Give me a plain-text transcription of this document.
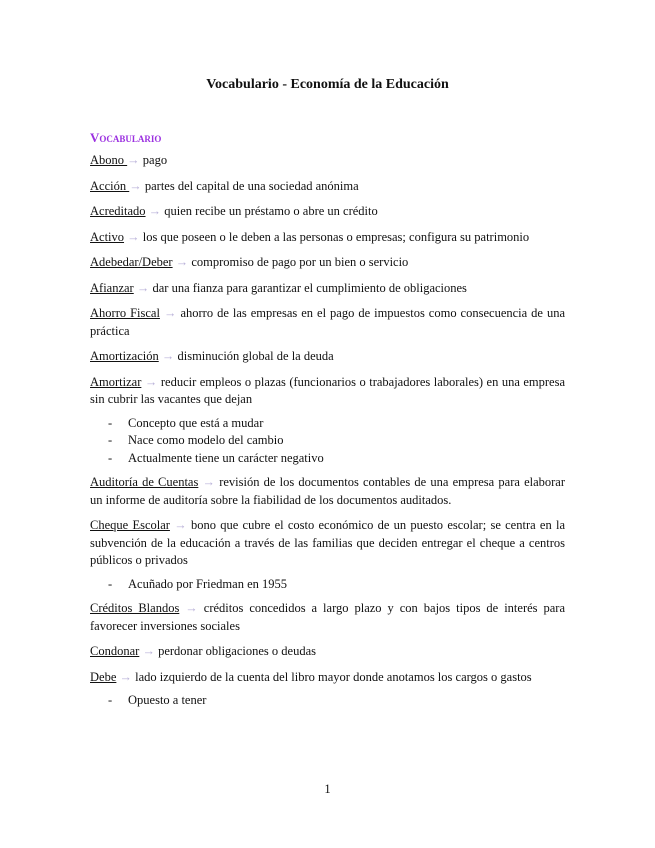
Vocabulario - Economía de la Educación
Vocabulario

Abono → pago

Acción → partes del capital de una sociedad anónima

Acreditado → quien recibe un préstamo o abre un crédito

Activo → los que poseen o le deben a las personas o empresas; configura su patrimonio

Adebedar/Deber → compromiso de pago por un bien o servicio

Afianzar → dar una fianza para garantizar el cumplimiento de obligaciones

Ahorro Fiscal → ahorro de las empresas en el pago de impuestos como consecuencia de una práctica

Amortización → disminución global de la deuda

Amortizar → reducir empleos o plazas (funcionarios o trabajadores laborales) en una empresa sin cubrir las vacantes que dejan

- Concepto que está a mudar
- Nace como modelo del cambio
- Actualmente tiene un carácter negativo

Auditoría de Cuentas → revisión de los documentos contables de una empresa para elaborar un informe de auditoría sobre la fiabilidad de los documentos auditados.

Cheque Escolar → bono que cubre el costo económico de un puesto escolar; se centra en la subvención de la educación a través de las familias que deciden entregar el cheque a centros públicos o privados

- Acuñado por Friedman en 1955

Créditos Blandos → créditos concedidos a largo plazo y con bajos tipos de interés para favorecer inversiones sociales

Condonar → perdonar obligaciones o deudas

Debe → lado izquierdo de la cuenta del libro mayor donde anotamos los cargos o gastos

- Opuesto a tener
1
